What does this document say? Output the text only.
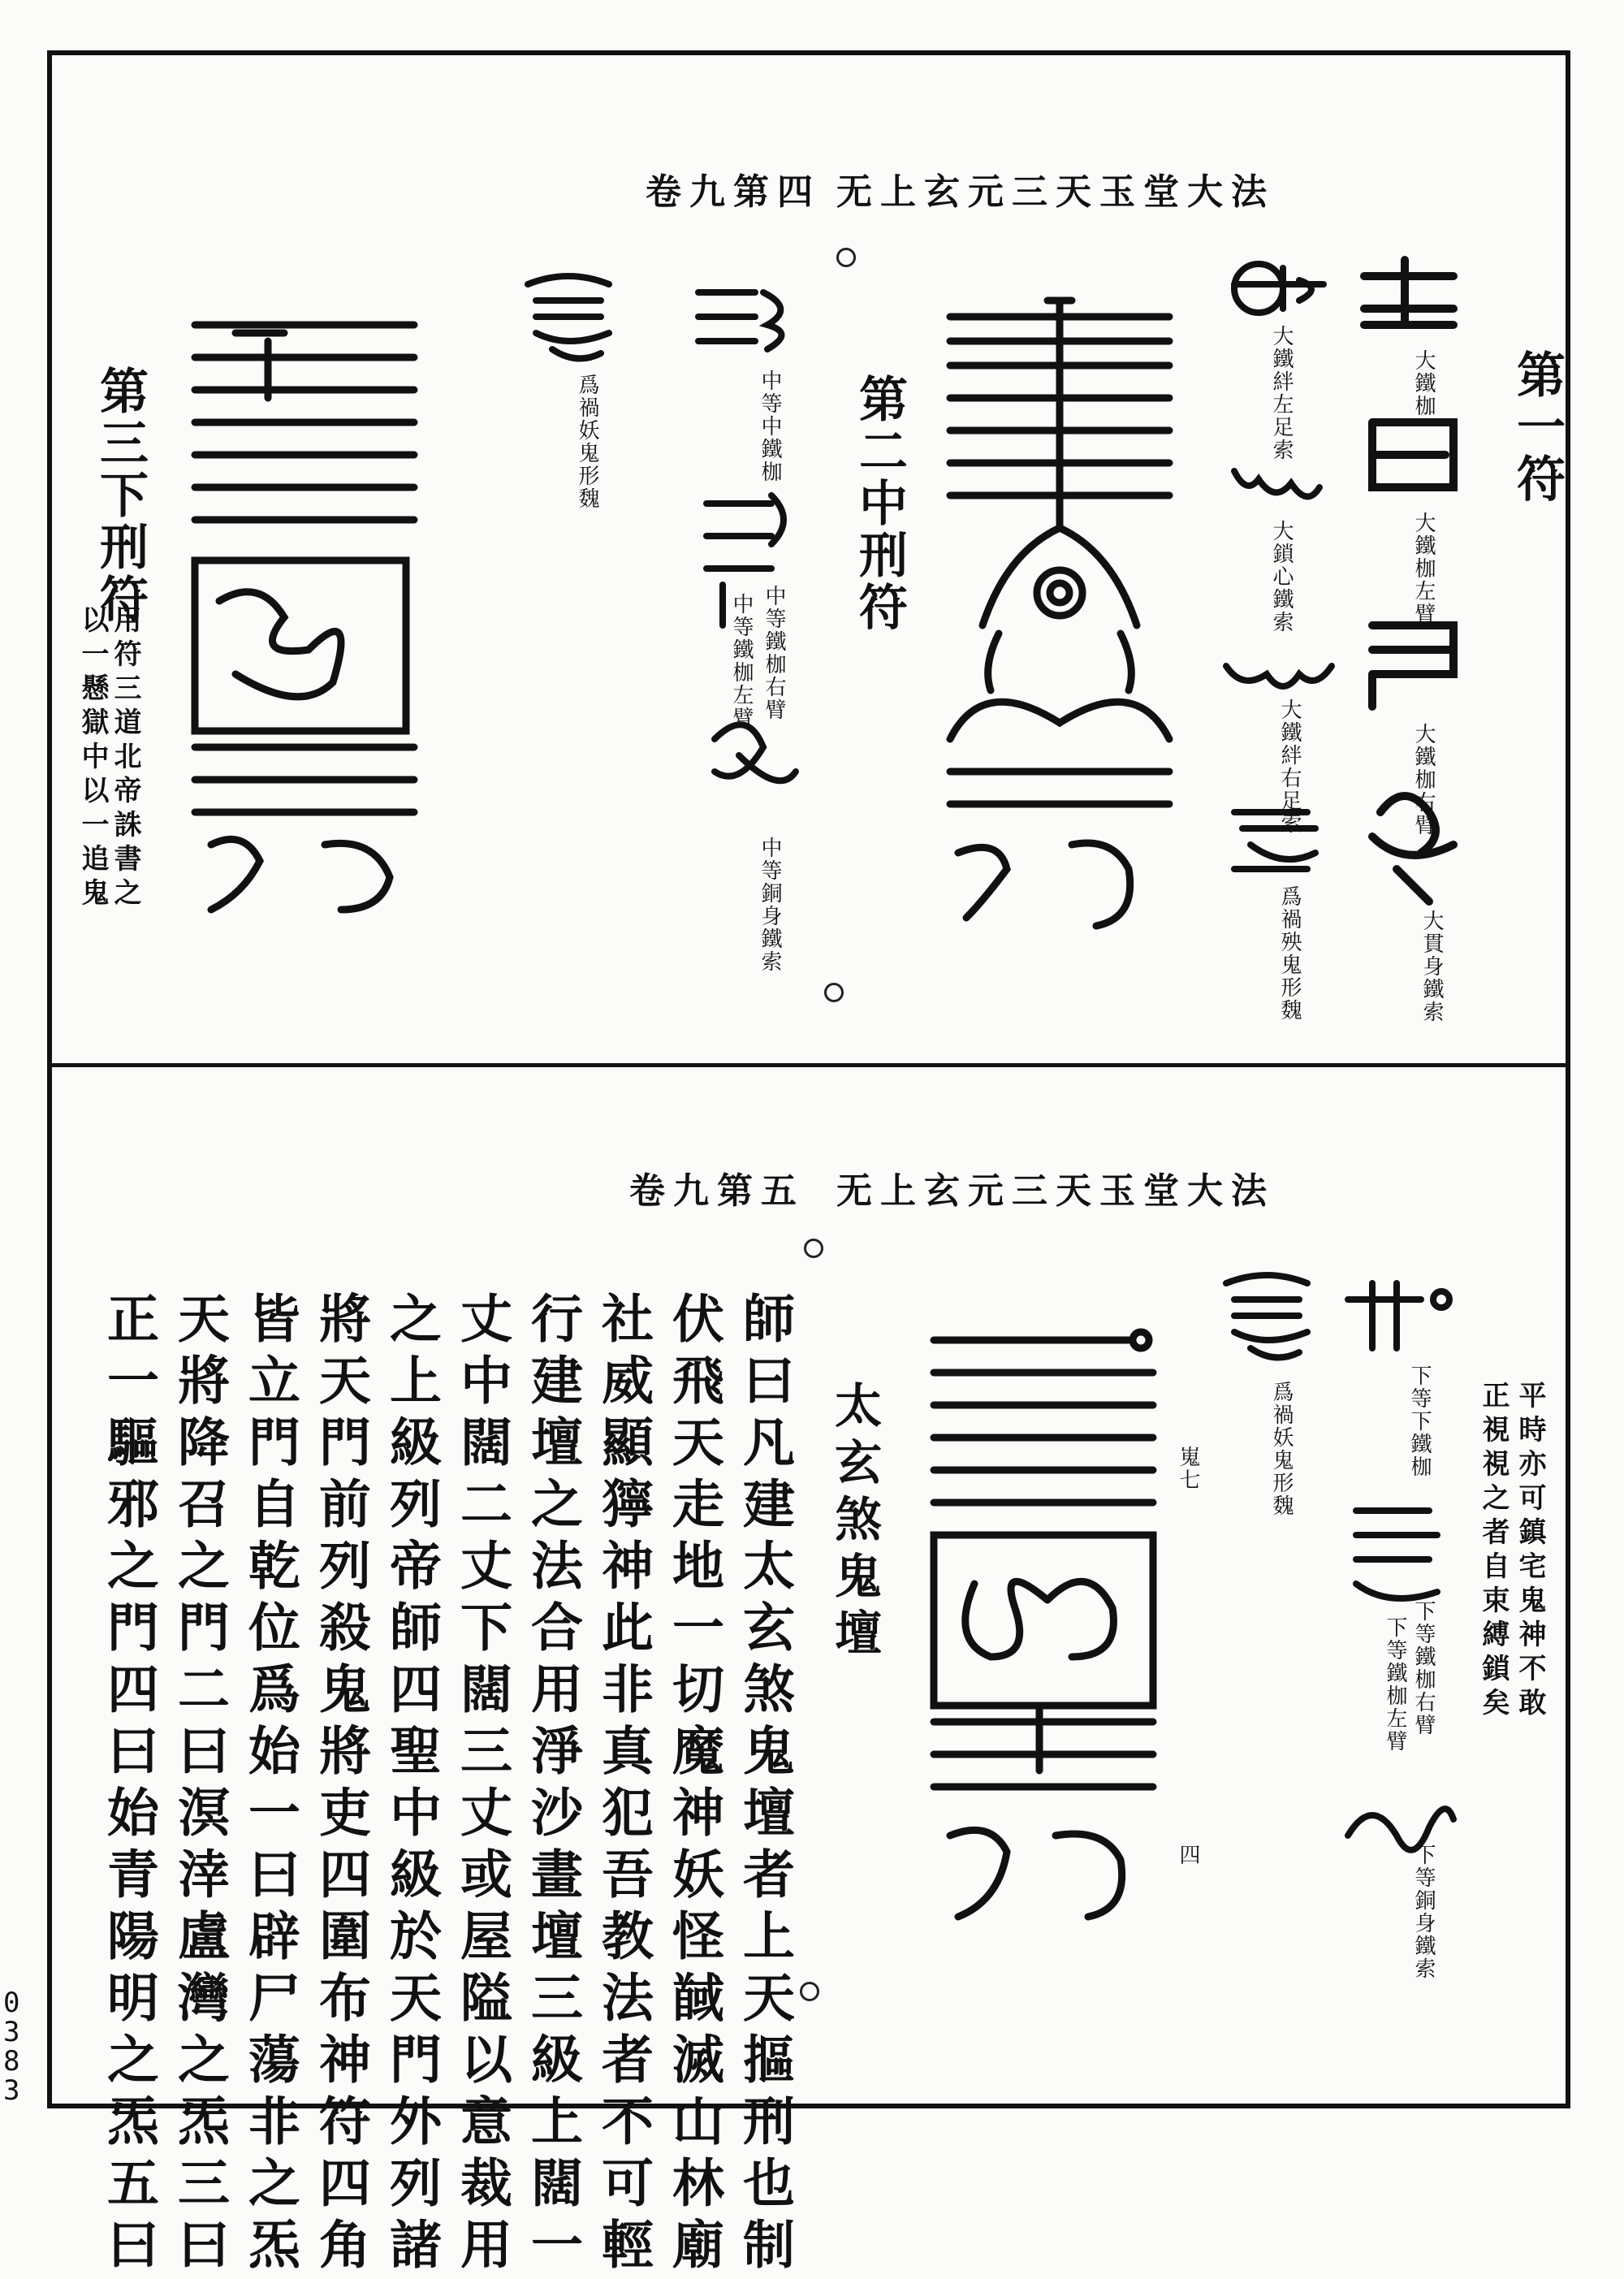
无上玄元三天玉堂大法
卷九第四
第一符
大鐵枷
大鐵枷左臂
大鐵枷右臂
大貫身鐵索
大鐵絆左足索
大鎖心鐵索
大鐵絆右足索
爲禍殃鬼形魏
第二中刑符
中等中鐵枷
中等鐵枷右臂
中等鐵枷左臂
中等銅身鐵索
爲禍妖鬼形魏
第三下刑符
用符三道北帝誅書之
以一懸獄中以一追鬼
无上玄元三天玉堂大法
卷九第五
平時亦可鎮宅鬼神不敢
正視視之者自束縛鎖矣
下等下鐵枷
下等鐵枷右臂
下等鐵枷左臂
下等銅身鐵索
爲禍妖鬼形魏
嵬七
四
太玄煞鬼壇
師曰凡建太玄煞鬼壇者上天摳刑也制
伏飛天走地一切魔神妖怪馘滅山林廟
社威顯獰神此非真犯吾教法者不可輕
行建壇之法合用淨沙畫壇三級上闊一
丈中闊二丈下闊三丈或屋隘以意裁用
之上級列帝師四聖中級於天門外列諸
將天門前列殺鬼將吏四圍布神符四角
皆立門自乾位爲始一曰辟尸蕩非之炁
天將降召之門二曰溟涬盧灣之炁三曰
正一驅邪之門四曰始青陽明之炁五曰
0
3
8
3
